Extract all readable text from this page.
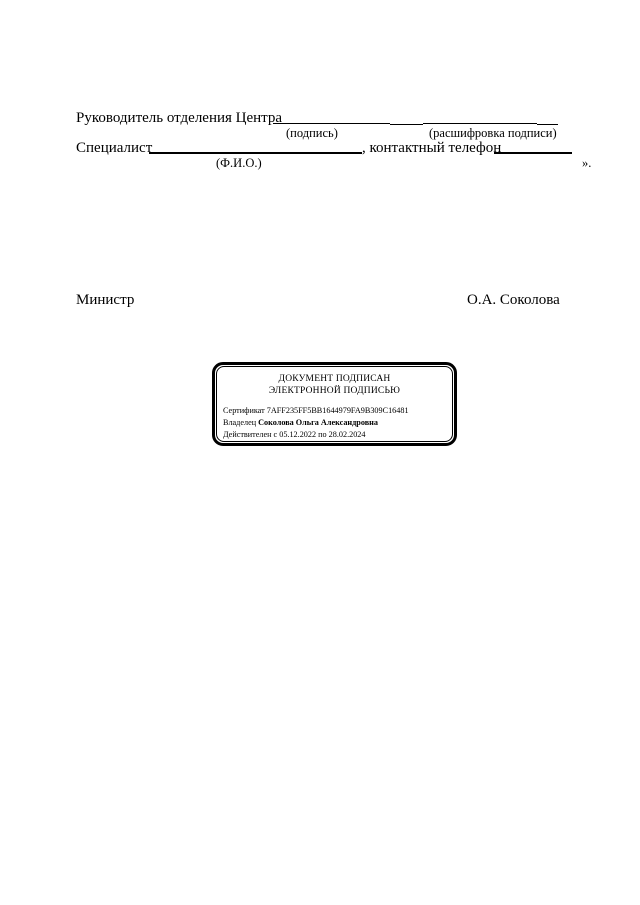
Руководитель отделения Центра
(подпись)	(расшифровка подписи)
Специалист	, контактный телефон
(Ф.И.О.)	».
Министр	О.А. Соколова
ДОКУМЕНТ ПОДПИСАН
ЭЛЕКТРОННОЙ ПОДПИСЬЮ
Сертификат 7AFF235FF5BB1644979FA9B309C16481
Владелец Соколова Ольга Александровна
Действителен с 05.12.2022 по 28.02.2024
